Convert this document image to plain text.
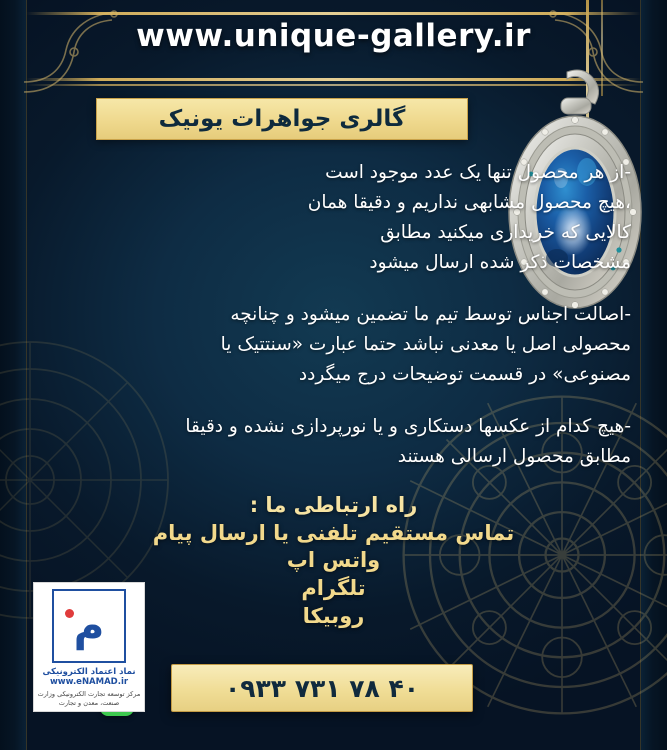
www.unique-gallery.ir
گالری جواهرات یونیک

-از هر محصول تنها یک عدد موجود است ،هیچ محصول مشابهی نداریم و دقیقا همان کالایی که خریداری میکنید مطابق مشخصات ذکر شده ارسال میشود

-اصالت اجناس توسط تیم ما تضمین میشود و چنانچه محصولی اصل یا معدنی نباشد حتما عبارت «سنتتیک یا مصنوعی» در قسمت توضیحات درج میگردد

-هیچ کدام از عکسها دستکاری و یا نورپردازی نشده و دقیقا مطابق محصول ارسالی هستند

راه ارتباطی ما :
تماس مستقیم تلفنی یا ارسال پیام
واتس اپ
تلگرام
روبیکا
م
نماد اعتماد الکترونیکی
www.eNAMAD.ir
مرکز توسعه تجارت الکترونیکی وزارت صنعت، معدن و تجارت
۰۹۳۳ ۷۳۱ ۷۸ ۴۰
